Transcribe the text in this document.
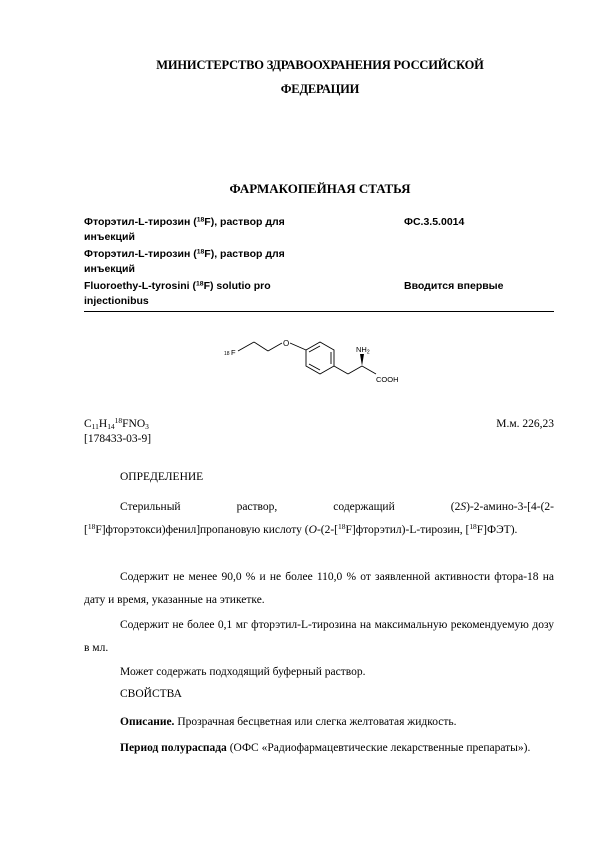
МИНИСТЕРСТВО ЗДРАВООХРАНЕНИЯ РОССИЙСКОЙ
ФЕДЕРАЦИИ
ФАРМАКОПЕЙНАЯ СТАТЬЯ
Фторэтил-L-тирозин ($^{18}$F), раствор для
инъекций
Фторэтил-L-тирозин ($^{18}$F), раствор для
инъекций
Fluoroethy-L-tyrosini ($^{18}$F) solutio pro
injectionibus
ФС.3.5.0014
Вводится впервые
18 F
O
$NH_2$
COOH
$C_{11}H_{14}^{18}FNO_3$
[178433-03-9]
М.м. 226,23
ОПРЕДЕЛЕНИЕ
Стерильный раствор, содержащий (2S)-2-амино-3-[4-(2-[$^{18}$F]фторэтокси)фенил]пропановую кислоту (O-(2-[$^{18}$F]фторэтил)-L-тирозин, [$^{18}$F]ФЭТ).
Содержит не менее 90,0 % и не более 110,0 % от заявленной активности фтора-18 на дату и время, указанные на этикетке.
Содержит не более 0,1 мг фторэтил-L-тирозина на максимальную рекомендуемую дозу в мл.
Может содержать подходящий буферный раствор.
СВОЙСТВА
Описание. Прозрачная бесцветная или слегка желтоватая жидкость.
Период полураспада (ОФС «Радиофармацевтические лекарственные препараты»).
